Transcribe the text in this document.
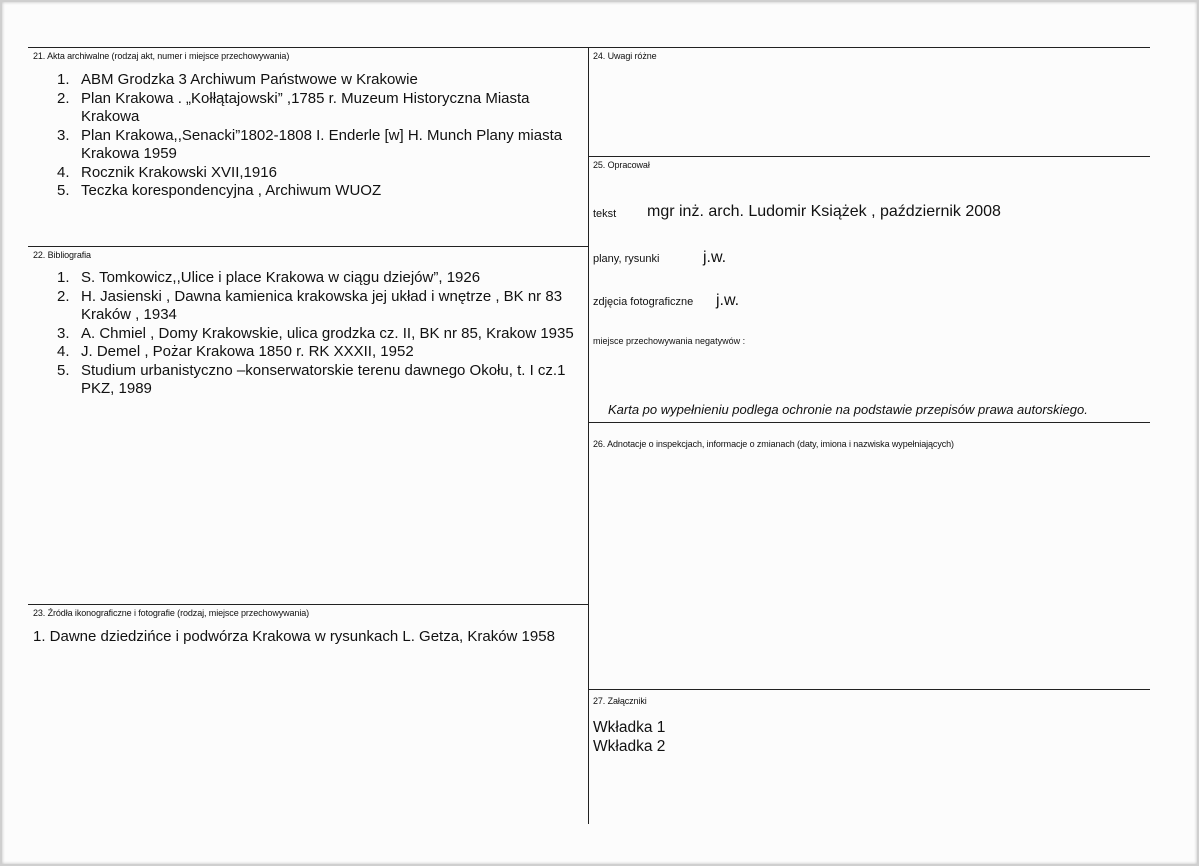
21. Akta archiwalne (rodzaj akt, numer i miejsce przechowywania)
1. ABM Grodzka 3 Archiwum Państwowe w Krakowie
2. Plan Krakowa . „Kołłątajowski” ,1785 r. Muzeum Historyczna Miasta Krakowa
3. Plan Krakowa,,Senacki”1802-1808 I. Enderle [w] H. Munch Plany miasta Krakowa 1959
4. Rocznik Krakowski XVII,1916
5. Teczka korespondencyjna , Archiwum WUOZ
22. Bibliografia
1. S. Tomkowicz,,Ulice i place Krakowa w ciągu dziejów”, 1926
2. H. Jasienski , Dawna kamienica krakowska jej układ i wnętrze , BK nr 83 Kraków , 1934
3. A. Chmiel , Domy Krakowskie, ulica grodzka cz. II, BK nr 85, Krakow 1935
4. J. Demel , Pożar Krakowa 1850 r. RK XXXII, 1952
5. Studium urbanistyczno –konserwatorskie terenu dawnego Okołu, t. I cz.1 PKZ, 1989
23. Źródła ikonograficzne i fotografie (rodzaj, miejsce przechowywania)
1. Dawne dziedzińce i podwórza Krakowa w rysunkach L. Getza, Kraków 1958
24. Uwagi różne
25. Opracował
tekst mgr inż. arch. Ludomir Książek , październik 2008
plany, rysunki	j.w.
zdjęcia fotograficzne j.w.
miejsce przechowywania negatywów :
Karta po wypełnieniu podlega ochronie na podstawie przepisów prawa autorskiego.
26. Adnotacje o inspekcjach, informacje o zmianach (daty, imiona i nazwiska wypełniających)
27. Załączniki
Wkładka 1
Wkładka 2
